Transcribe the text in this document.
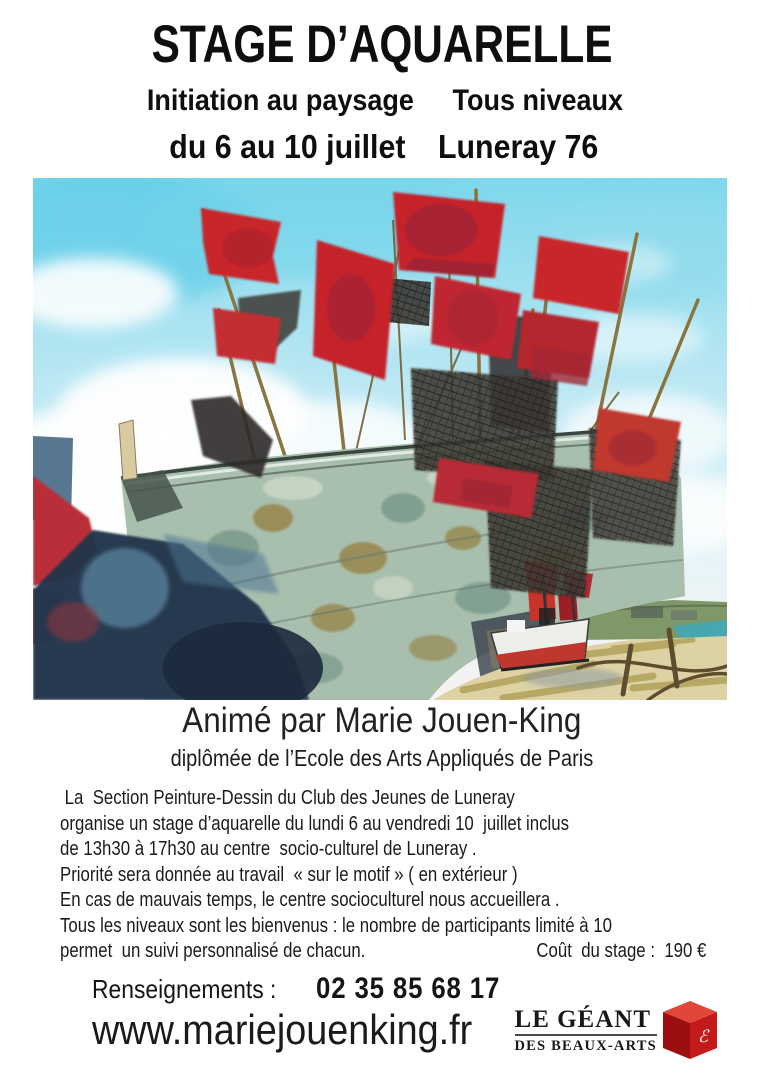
STAGE D’AQUARELLE
Initiation au paysage Tous niveaux
du 6 au 10 juillet Luneray 76
Animé par Marie Jouen-King
diplômée de l’Ecole des Arts Appliqués de Paris
La  Section Peinture-Dessin du Club des Jeunes de Luneray
organise un stage d’aquarelle du lundi 6 au vendredi 10  juillet inclus
de 13h30 à 17h30 au centre  socio-culturel de Luneray .
Priorité sera donnée au travail  « sur le motif » ( en extérieur )
En cas de mauvais temps, le centre socioculturel nous accueillera .
Tous les niveaux sont les bienvenus : le nombre de participants limité à 10
permet  un suivi personnalisé de chacun.	Coût  du stage :  190 €
Renseignements : 02 35 85 68 17
www.mariejouenking.fr LE GÉANT
DES BEAUX-ARTS ℰ
